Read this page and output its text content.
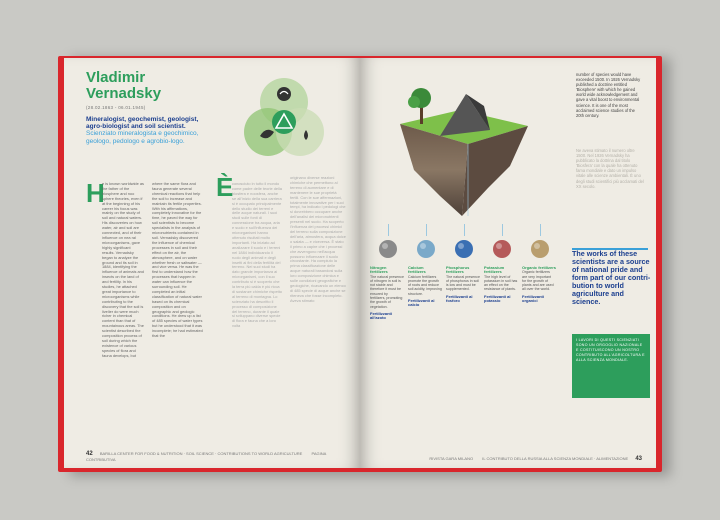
Vladimir Vernadsky
(28.02.1863 - 06.01.1945)
Mineralogist, geochemist, geologist, agro-biologist and soil scientist. Scienziato mineralogista e geochimico, geologo, pedologo e agrobio-logo.
H
e is known worldwide as the father of the biosphere and noo sphere theories, even if at the beginning of his career his focus was mainly on the study of soil and natural waters. His discoveries on how water, air and soil are connected, and of their influence on nea ral microorganisms, gave highly significant results. Vernadsky began to analyze the ground and its soil in 1884, identifying the influence of animals and insects on the land of and fertility. In his studies, he attached great importance to microorganisms while contributing to the discovery that the soil is livelier do were much richer in chemical content than that of mountainous areas. The scientist described the composition process of soil during which the existence of various species of flora and fauna develops, but
where the same flora and fauna generate several chemical reactions that help the soil to increase and maintain its fertile properties. With his affirmations, completely innovative for the time, he paved the way for soil scientists to become specialists in the analysis of micronutrients contained in soil. Vernadsky discovered the influence of chemical processes in soil and their effect on the air, the atmosphere, and on water whether fresh or saltwater — and vice versa. He was the first to understand how the processes that happen in water can influence the surrounding soil. He completed an initial classification of natural water based on its chemical composition and on geographic and geologic conditions. He drew up a list of 485 species of water types but he understood that it was incomplete; he had estimated that the
È
conosciuto in tutto il mondo come padre delle teorie della biosfera e noosfera, anche se all'inizio della sua carriera si è occupato principalmente dello studio dei terreni e delle acque naturali. I suoi studi sulle fonti di connessione tra acqua, aria e suolo e sull'influenza dei microrganismi hanno ottenuto risultati molto importanti. Ha iniziato ad analizzare il suolo e i terreni nel 1884 individuando il ruolo degli animali e degli insetti ai fini della fertilità del terreno. Nei suoi studi ha dato grande importanza ai microrganismi, con il suo contributo si è scoperto che la terra più calda è più ricca di sostanze chimiche rispetto al terreno di montagna. Lo scienziato ha descritto il processo di composizione del terreno, durante il quale si sviluppano diverse specie di flora e fauna che a loro volta
originano diverse reazioni chimiche che permettono al terreno di aumentare e di mantenere le sue proprietà fertili. Con le sue affermazioni, totalmente innovative per i suoi tempi, ha indicato i pedologi che si dovrebbero occupare anche dell'analisi dei micronutrienti presenti nel suolo. Ha scoperto l'influenza dei processi chimici del terreno sulla composizione dell'aria, atmosfera, acqua dolce o salata — e viceversa. È stato il primo a capire che i processi che avvengono nell'acqua possono influenzare il suolo circostante. Ha compiuto la prima classificazione delle acque naturali basandosi sulla loro composizione chimica e sulle condizioni geografiche e geologiche, ricavando un elenco di 485 specie di acque anche se riteneva che fosse incompleto. Aveva stimato
42 BARILLA CENTER FOR FOOD & NUTRITION · SOIL SCIENCE · CONTRIBUTIONS TO WORLD AGRICULTURE PAGINA CONTRIBUTIVA
number of species would have exceeded 1500. In 1926 Vernadsky published a doctrine entitled 'Biosphere' with which he gained world wide acknowledgement and gave a vital boost to environmental science. It is one of the most acclaimed science studies of the 20th century.
Ne aveva stimato il numero oltre 1500. Nel 1926 Vernadsky ha pubblicato la dottrina dal titolo 'Biosfera' con la quale ha ottenuto fama mondiale e dato un impulso vitale alle scienze ambientali. È uno degli studi scientifici più acclamati del XX secolo.
The works of these scientists are a source of national pride and form part of our contri-bution to world agriculture and science.
I LAVORI DI QUESTI SCIENZIATI SONO UN ORGOGLIO NAZIONALE E COSTITUISCONO UN NOSTRO CONTRIBUTO ALL'AGRICOLTURA E ALLA SCIENZA MONDIALE.
Nitrogen fertilizers
The natural presence of nitrogen in soil is not stable and therefore it must be ensured by fertilizers, promoting the growth of vegetation.
Fertilizzanti all'azoto
Calcium fertilizers
Calcium fertilizers promote the growth of roots and reduce soil acidity, improving structure.
Fertilizzanti al calcio
Phosphorus fertilizers
The natural presence of phosphorus in soil is low and must be supplemented.
Fertilizzanti al fosforo
Potassium fertilizers
The high level of potassium in soil has an effect on the resistance of plants.
Fertilizzanti al potassio
Organic fertilizers
Organic fertilizers are very important for the growth of plants and are used all over the world.
Fertilizzanti organici
RIVISTA GARA MILANO IL CONTRIBUTO DELLA RUSSIA ALLA SCIENZA MONDIALE · ALIMENTAZIONE 43
